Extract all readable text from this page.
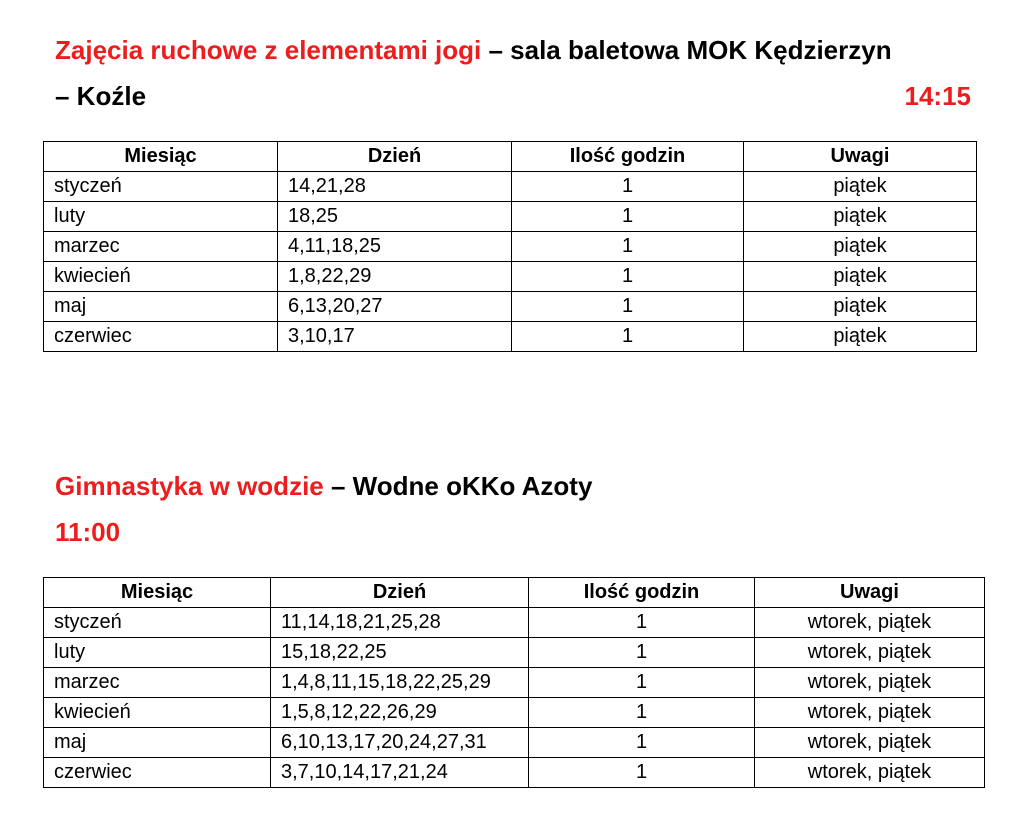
Zajęcia ruchowe z elementami jogi – sala baletowa MOK Kędzierzyn
– Koźle	14:15
Miesiąc	Dzień	Ilość godzin	Uwagi
styczeń	14,21,28	1	piątek
luty	18,25	1	piątek
marzec	4,11,18,25	1	piątek
kwiecień	1,8,22,29	1	piątek
maj	6,13,20,27	1	piątek
czerwiec	3,10,17	1	piątek
Gimnastyka w wodzie – Wodne oKKo Azoty
11:00
Miesiąc	Dzień	Ilość godzin	Uwagi
styczeń	11,14,18,21,25,28	1	wtorek, piątek
luty	15,18,22,25	1	wtorek, piątek
marzec	1,4,8,11,15,18,22,25,29	1	wtorek, piątek
kwiecień	1,5,8,12,22,26,29	1	wtorek, piątek
maj	6,10,13,17,20,24,27,31	1	wtorek, piątek
czerwiec	3,7,10,14,17,21,24	1	wtorek, piątek
